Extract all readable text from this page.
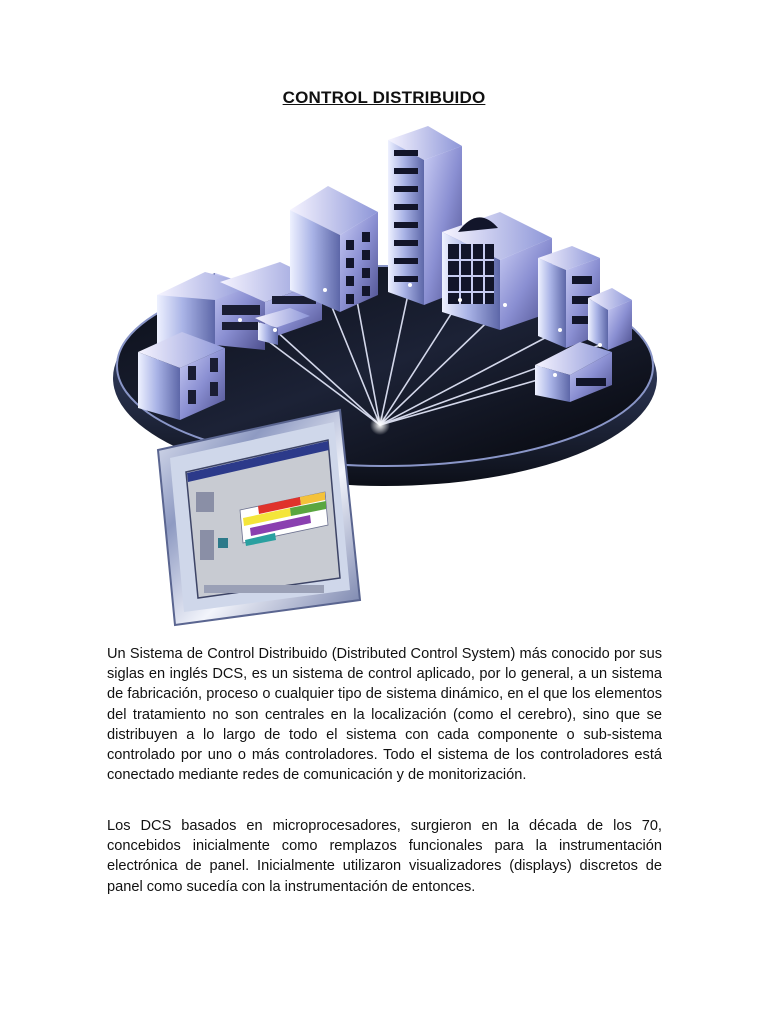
CONTROL DISTRIBUIDO

Un Sistema de Control Distribuido (Distributed Control System) más conocido por sus siglas en inglés DCS, es un sistema de control aplicado, por lo general, a un sistema de fabricación, proceso o cualquier tipo de sistema dinámico, en el que los elementos del tratamiento no son centrales en la localización (como el cerebro), sino que se distribuyen a lo largo de todo el sistema con cada componente o sub-sistema controlado por uno o más controladores. Todo el sistema de los controladores está conectado mediante redes de comunicación y de monitorización.

Los DCS basados en microprocesadores, surgieron en la década de los 70, concebidos inicialmente como remplazos funcionales para la instrumentación electrónica de panel. Inicialmente utilizaron visualizadores (displays) discretos de panel como sucedía con la instrumentación de entonces.
